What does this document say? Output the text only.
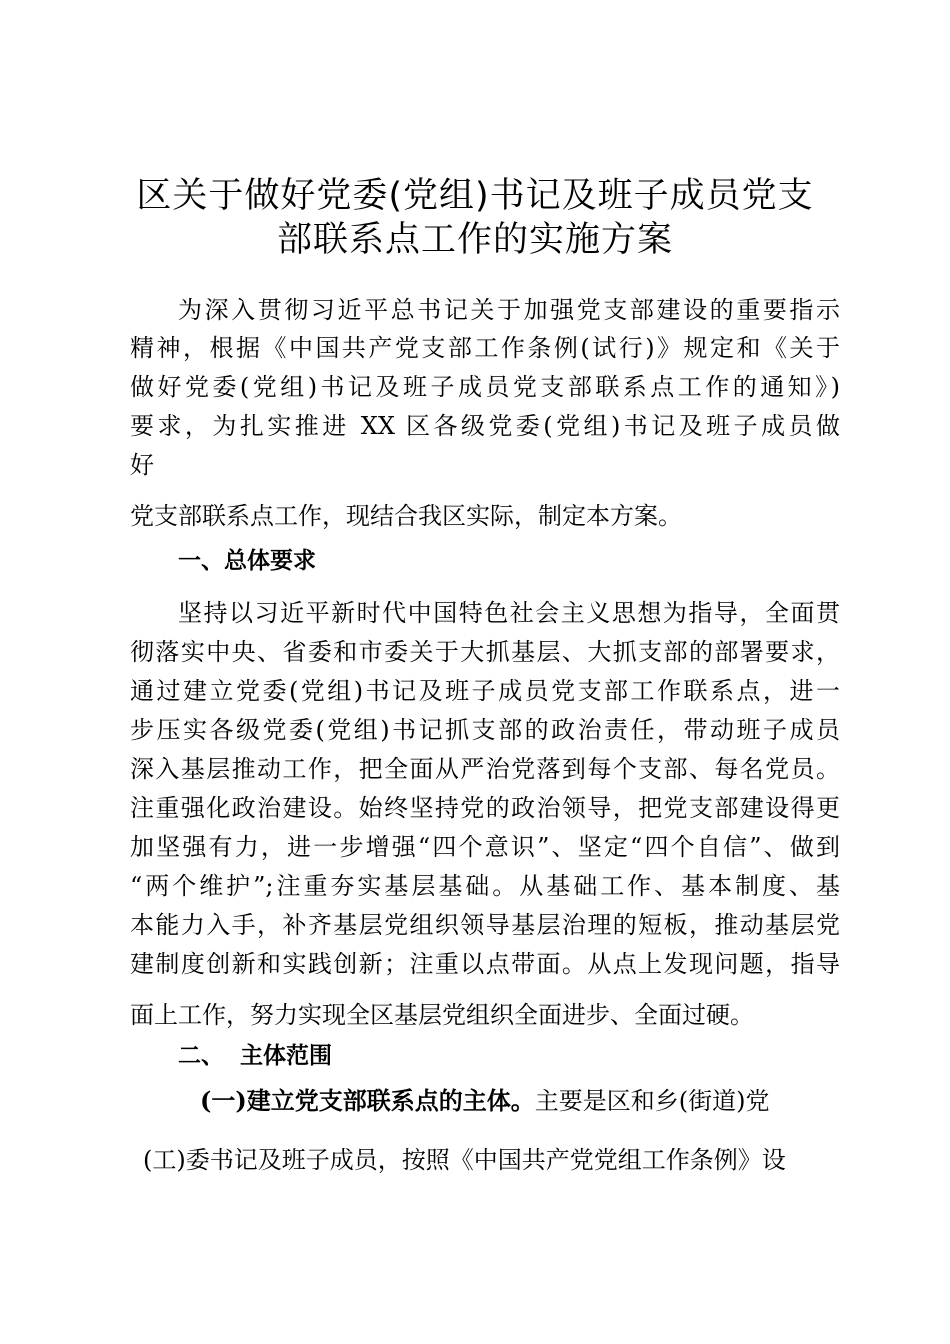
区关于做好党委(党组)书记及班子成员党支
部联系点工作的实施方案
为深入贯彻习近平总书记关于加强党支部建设的重要指示
精神，根据《中国共产党支部工作条例(试行)》规定和《关于
做好党委(党组)书记及班子成员党支部联系点工作的通知》)
要求，为扎实推进 XX 区各级党委(党组)书记及班子成员做
好
党支部联系点工作，现结合我区实际，制定本方案。
一、总体要求
坚持以习近平新时代中国特色社会主义思想为指导，全面贯
彻落实中央、省委和市委关于大抓基层、大抓支部的部署要求，
通过建立党委(党组)书记及班子成员党支部工作联系点，进一
步压实各级党委(党组)书记抓支部的政治责任，带动班子成员
深入基层推动工作，把全面从严治党落到每个支部、每名党员。
注重强化政治建设。始终坚持党的政治领导，把党支部建设得更
加坚强有力，进一步增强“四个意识”、坚定“四个自信”、做到
“两个维护”;注重夯实基层基础。从基础工作、基本制度、基
本能力入手，补齐基层党组织领导基层治理的短板，推动基层党
建制度创新和实践创新；注重以点带面。从点上发现问题，指导
面上工作，努力实现全区基层党组织全面进步、全面过硬。
二、  主体范围
(一)建立党支部联系点的主体。主要是区和乡(街道)党
(工)委书记及班子成员，按照《中国共产党党组工作条例》设
